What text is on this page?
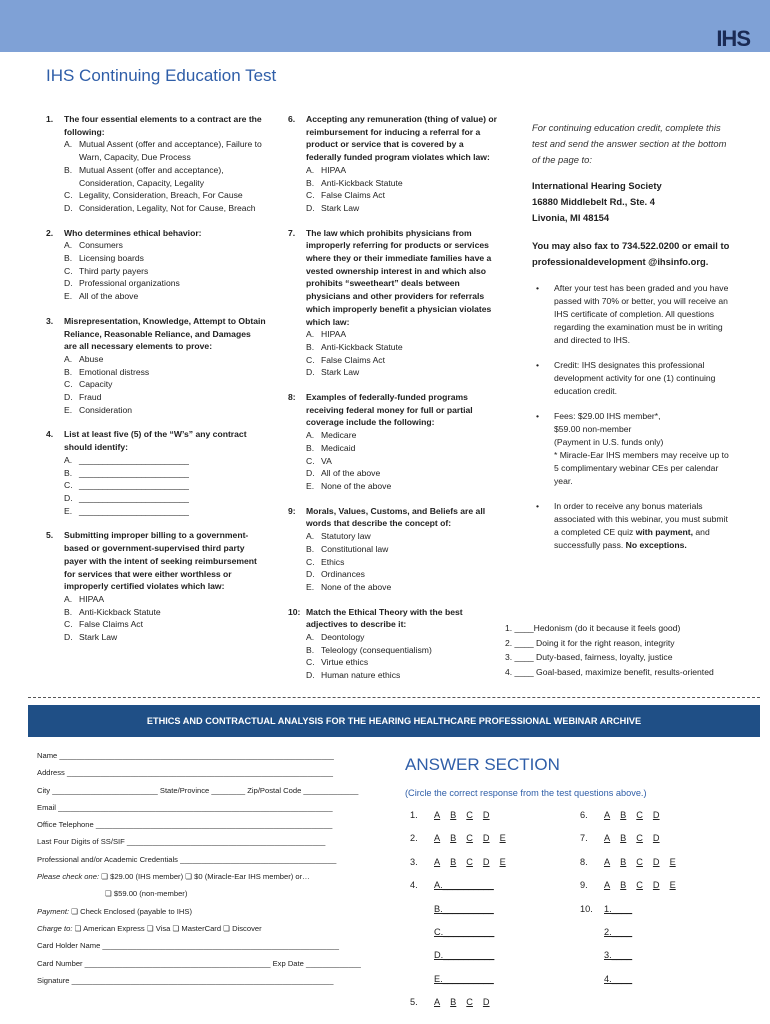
IHS
IHS Continuing Education Test
1.	The four essential elements to a contract are the following:
A. Mutual Assent (offer and acceptance), Failure to Warn, Capacity, Due Process
B. Mutual Assent (offer and acceptance), Consideration, Capacity, Legality
C. Legality, Consideration, Breach, For Cause
D. Consideration, Legality, Not for Cause, Breach
2.	Who determines ethical behavior:
A. Consumers
B. Licensing boards
C. Third party payers
D. Professional organizations
E. All of the above
3.	Misrepresentation, Knowledge, Attempt to Obtain Reliance, Reasonable Reliance, and Damages are all necessary elements to prove:
A. Abuse
B. Emotional distress
C. Capacity
D. Fraud
E. Consideration
4.	List at least five (5) of the “W’s” any contract should identify:
A. _______________________
B. _______________________
C. _______________________
D. _______________________
E. _______________________
5.	Submitting improper billing to a government-based or government-supervised third party payer with the intent of seeking reimbursement for services that were either worthless or improperly certified violates which law:
A. HIPAA
B. Anti-Kickback Statute
C. False Claims Act
D. Stark Law
6.	Accepting any remuneration (thing of value) or reimbursement for inducing a referral for a product or service that is covered by a federally funded program violates which law:
A. HIPAA
B. Anti-Kickback Statute
C. False Claims Act
D. Stark Law
7.	The law which prohibits physicians from improperly referring for products or services where they or their immediate families have a vested ownership interest in and which also prohibits “sweetheart” deals between physicians and other providers for referrals which improperly benefit a physician violates which law:
A. HIPAA
B. Anti-Kickback Statute
C. False Claims Act
D. Stark Law
8:	Examples of federally-funded programs receiving federal money for full or partial coverage include the following:
A. Medicare
B. Medicaid
C. VA
D. All of the above
E. None of the above
9:	Morals, Values, Customs, and Beliefs are all words that describe the concept of:
A. Statutory law
B. Constitutional law
C. Ethics
D. Ordinances
E. None of the above
10: Match the Ethical Theory with the best adjectives to describe it:
A. Deontology
B. Teleology (consequentialism)
C. Virtue ethics
D. Human nature ethics
For continuing education credit, complete this test and send the answer section at the bottom of the page to:
International Hearing Society
16880 Middlebelt Rd., Ste. 4
Livonia, MI 48154
You may also fax to 734.522.0200 or email to professionaldevelopment @ihsinfo.org.
•	After your test has been graded and you have passed with 70% or better, you will receive an IHS certificate of completion. All questions regarding the examination must be in writing and directed to IHS.
•	Credit: IHS designates this professional development activity for one (1) continuing education credit.
•	Fees: $29.00 IHS member*,
$59.00 non-member
(Payment in U.S. funds only)
* Miracle-Ear IHS members may receive up to 5 complimentary webinar CEs per calendar year.
•	In order to receive any bonus materials associated with this webinar, you must submit a completed CE quiz with payment, and successfully pass. No exceptions.
1. ____Hedonism (do it because it feels good)
2. ____ Doing it for the right reason, integrity
3. ____ Duty-based, fairness, loyalty, justice
4. ____ Goal-based, maximize benefit, results-oriented
ETHICS AND CONTRACTUAL ANALYSIS FOR THE HEARING HEALTHCARE PROFESSIONAL WEBINAR ARCHIVE
Name _________________________________________________________________
Address _______________________________________________________________
City _________________________ State/Province ________ Zip/Postal Code _____________
Email _________________________________________________________________
Office Telephone ________________________________________________________
Last Four Digits of SS/SIF _______________________________________________
Professional and/or Academic Credentials _____________________________________
Please check one: ❏ $29.00 (IHS member) ❏ $0 (Miracle-Ear IHS member) or…
❏ $59.00 (non-member)
Payment: ❏ Check Enclosed (payable to IHS)
Charge to: ❏ American Express ❏ Visa ❏ MasterCard ❏ Discover
Card Holder Name ________________________________________________________
Card Number ____________________________________________ Exp Date _____________
Signature ______________________________________________________________
ANSWER SECTION
(Circle the correct response from the test questions above.)
1. A B C D
2. A B C D E
3. A B C D E
4. A.__________
B.__________
C.__________
D.__________
E.__________
5. A B C D
6. A B C D
7. A B C D
8. A B C D E
9. A B C D E
10. 1.____
2.____
3.____
4.____
